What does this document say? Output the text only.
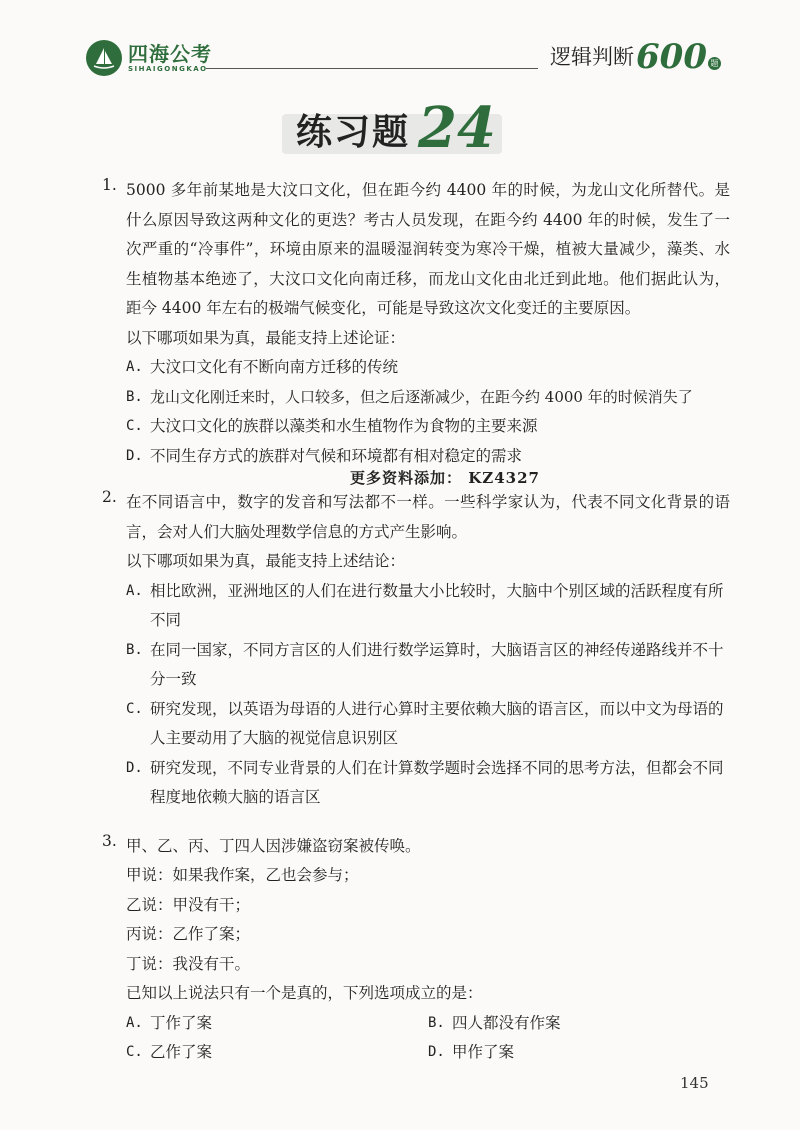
四海公考
SIHAIGONGKAO	逻辑判断 600 题
练习题 24
1. 5000 多年前某地是大汶口文化，但在距今约 4400 年的时候，为龙山文化所替代。是什么原因导致这两种文化的更迭？考古人员发现，在距今约 4400 年的时候，发生了一次严重的“冷事件”，环境由原来的温暖湿润转变为寒冷干燥，植被大量减少，藻类、水生植物基本绝迹了，大汶口文化向南迁移，而龙山文化由北迁到此地。他们据此认为，距今 4400 年左右的极端气候变化，可能是导致这次文化变迁的主要原因。
以下哪项如果为真，最能支持上述论证：
A. 大汶口文化有不断向南方迁移的传统
B. 龙山文化刚迁来时，人口较多，但之后逐渐减少，在距今约 4000 年的时候消失了
C. 大汶口文化的族群以藻类和水生植物作为食物的主要来源
D. 不同生存方式的族群对气候和环境都有相对稳定的需求
更多资料添加： KZ4327
2. 在不同语言中，数字的发音和写法都不一样。一些科学家认为，代表不同文化背景的语言，会对人们大脑处理数学信息的方式产生影响。
以下哪项如果为真，最能支持上述结论：
A. 相比欧洲，亚洲地区的人们在进行数量大小比较时，大脑中个别区域的活跃程度有所不同
B. 在同一国家，不同方言区的人们进行数学运算时，大脑语言区的神经传递路线并不十分一致
C. 研究发现，以英语为母语的人进行心算时主要依赖大脑的语言区，而以中文为母语的人主要动用了大脑的视觉信息识别区
D. 研究发现，不同专业背景的人们在计算数学题时会选择不同的思考方法，但都会不同程度地依赖大脑的语言区
3. 甲、乙、丙、丁四人因涉嫌盗窃案被传唤。
甲说：如果我作案，乙也会参与；
乙说：甲没有干；
丙说：乙作了案；
丁说：我没有干。
已知以上说法只有一个是真的，下列选项成立的是：
A. 丁作了案	B. 四人都没有作案
C. 乙作了案	D. 甲作了案
145
